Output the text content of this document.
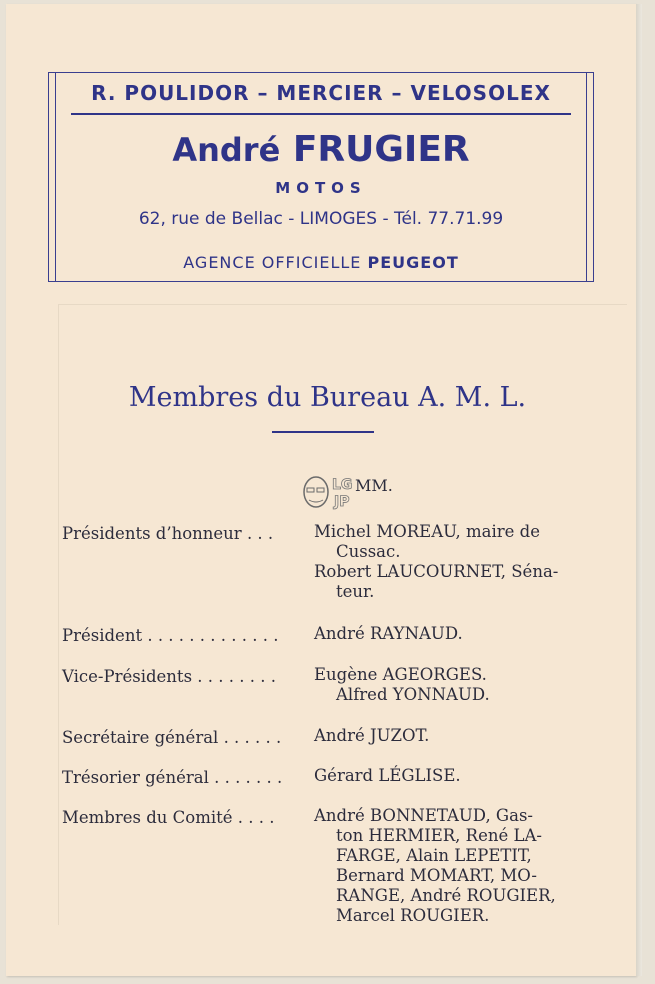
R. POULIDOR – MERCIER – VELOSOLEX
André FRUGIER
MOTOS
62, rue de Bellac - LIMOGES - Tél. 77.71.99
AGENCE OFFICIELLE PEUGEOT
Membres du Bureau A. M. L.
LG
JP
MM.
Présidents d’honneur . . . Michel MOREAU, maire de
Cussac.
Robert LAUCOURNET, Séna-
teur.
Président . . . . . . . . . . . . . André RAYNAUD.
Vice-Présidents . . . . . . . . Eugène AGEORGES.
Alfred YONNAUD.
Secrétaire général . . . . . . André JUZOT.
Trésorier général . . . . . . . Gérard LÉGLISE.
Membres du Comité . . . . André BONNETAUD, Gas-
ton HERMIER, René LA-
FARGE, Alain LEPETIT,
Bernard MOMART, MO-
RANGE, André ROUGIER,
Marcel ROUGIER.
